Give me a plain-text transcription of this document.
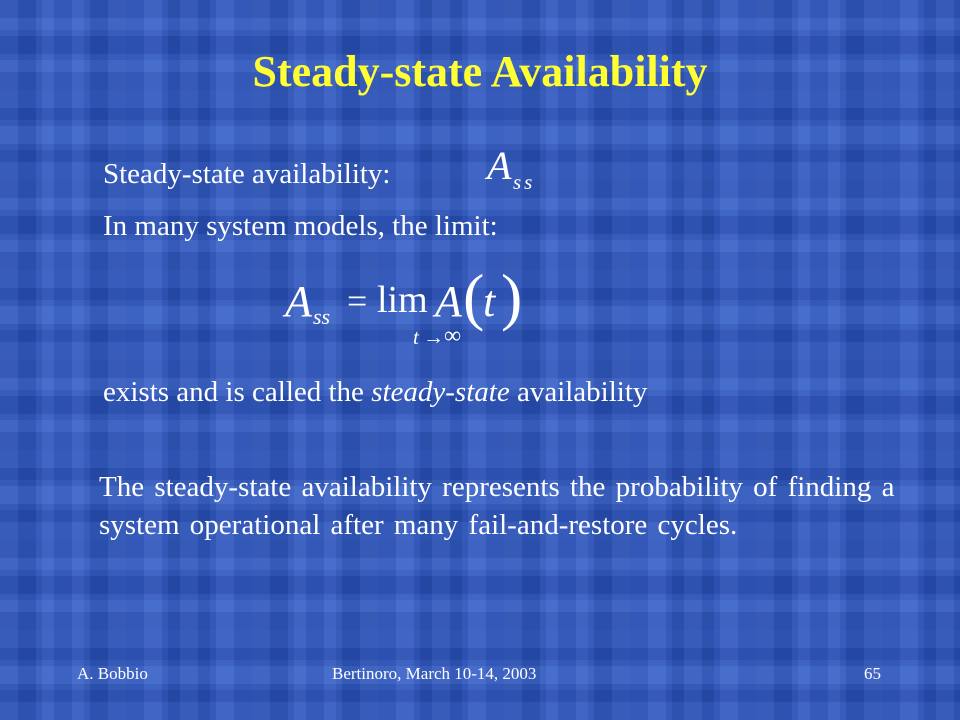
Steady-state Availability
Steady-state availability: A ss
In many system models, the limit:
A ss = lim
t → ∞
A (
t )
exists and is called the steady-state availability
The steady-state availability represents the probability of finding a system operational after many fail-and-restore cycles.
A. Bobbio	Bertinoro, March 10-14, 2003	65
